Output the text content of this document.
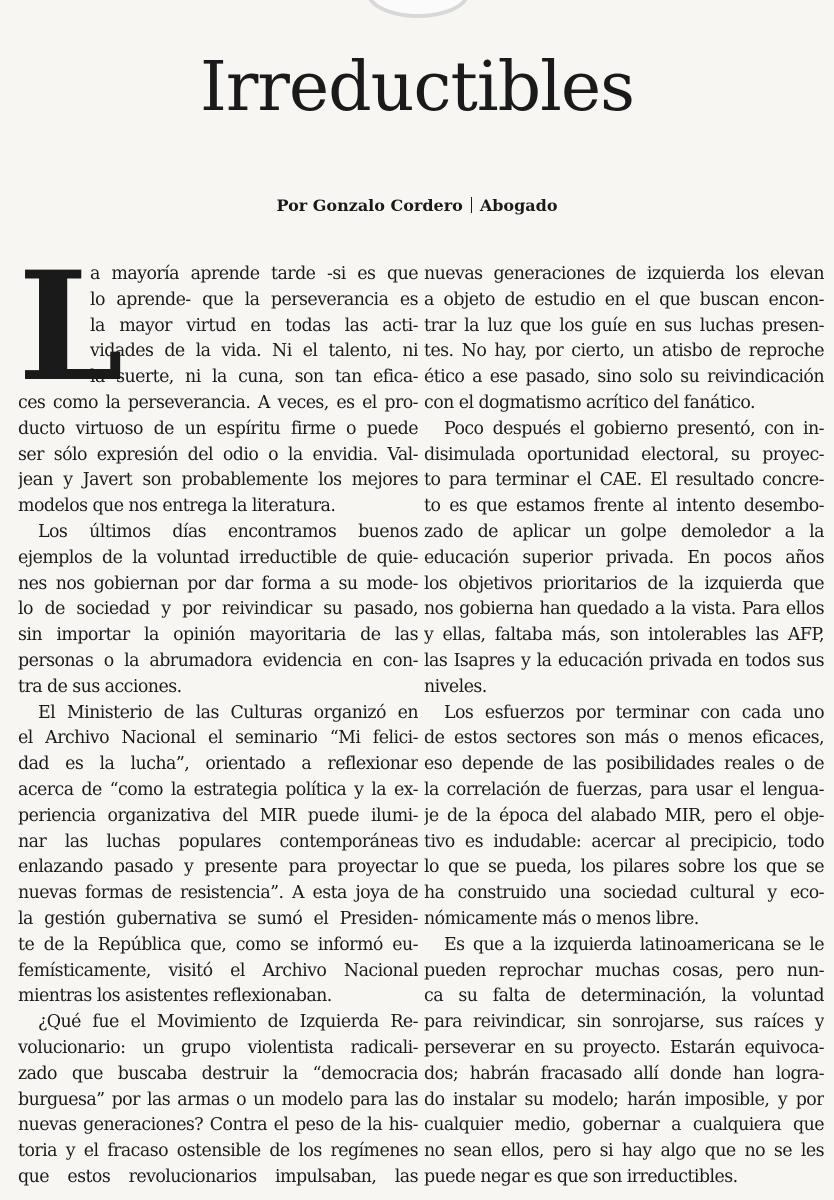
Irreductibles
Por Gonzalo Cordero Abogado
L
a mayoría aprende tarde -si es que
lo aprende- que la perseverancia es
la mayor virtud en todas las acti-
vidades de la vida. Ni el talento, ni
la suerte, ni la cuna, son tan efica-
ces como la perseverancia. A veces, es el pro-
ducto virtuoso de un espíritu firme o puede
ser sólo expresión del odio o la envidia. Val-
jean y Javert son probablemente los mejores
modelos que nos entrega la literatura.
Los últimos días encontramos buenos
ejemplos de la voluntad irreductible de quie-
nes nos gobiernan por dar forma a su mode-
lo de sociedad y por reivindicar su pasado,
sin importar la opinión mayoritaria de las
personas o la abrumadora evidencia en con-
tra de sus acciones.
El Ministerio de las Culturas organizó en
el Archivo Nacional el seminario “Mi felici-
dad es la lucha”, orientado a reflexionar
acerca de “como la estrategia política y la ex-
periencia organizativa del MIR puede ilumi-
nar las luchas populares contemporáneas
enlazando pasado y presente para proyectar
nuevas formas de resistencia”. A esta joya de
la gestión gubernativa se sumó el Presiden-
te de la República que, como se informó eu-
femísticamente, visitó el Archivo Nacional
mientras los asistentes reflexionaban.
¿Qué fue el Movimiento de Izquierda Re-
volucionario: un grupo violentista radicali-
zado que buscaba destruir la “democracia
burguesa” por las armas o un modelo para las
nuevas generaciones? Contra el peso de la his-
toria y el fracaso ostensible de los regímenes
que estos revolucionarios impulsaban, las
nuevas generaciones de izquierda los elevan
a objeto de estudio en el que buscan encon-
trar la luz que los guíe en sus luchas presen-
tes. No hay, por cierto, un atisbo de reproche
ético a ese pasado, sino solo su reivindicación
con el dogmatismo acrítico del fanático.
Poco después el gobierno presentó, con in-
disimulada oportunidad electoral, su proyec-
to para terminar el CAE. El resultado concre-
to es que estamos frente al intento desembo-
zado de aplicar un golpe demoledor a la
educación superior privada. En pocos años
los objetivos prioritarios de la izquierda que
nos gobierna han quedado a la vista. Para ellos
y ellas, faltaba más, son intolerables las AFP,
las Isapres y la educación privada en todos sus
niveles.
Los esfuerzos por terminar con cada uno
de estos sectores son más o menos eficaces,
eso depende de las posibilidades reales o de
la correlación de fuerzas, para usar el lengua-
je de la época del alabado MIR, pero el obje-
tivo es indudable: acercar al precipicio, todo
lo que se pueda, los pilares sobre los que se
ha construido una sociedad cultural y eco-
nómicamente más o menos libre.
Es que a la izquierda latinoamericana se le
pueden reprochar muchas cosas, pero nun-
ca su falta de determinación, la voluntad
para reivindicar, sin sonrojarse, sus raíces y
perseverar en su proyecto. Estarán equivoca-
dos; habrán fracasado allí donde han logra-
do instalar su modelo; harán imposible, y por
cualquier medio, gobernar a cualquiera que
no sean ellos, pero si hay algo que no se les
puede negar es que son irreductibles.
